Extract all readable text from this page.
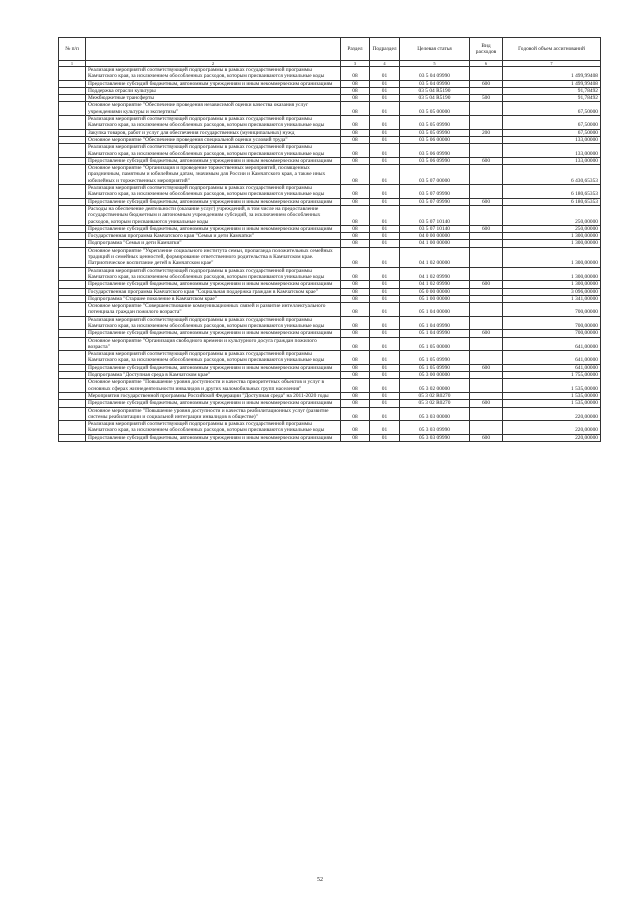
№ п/п		Раздел	Подраздел	Целевая статья	Вид расходов	Годовой объем ассигнований
1	2	3	4	5	6	7
	Реализация мероприятий соответствующей подпрограммы в рамках государственной программы Камчатского края, за исключением обособленных расходов, которым присваиваются уникальные коды	08	01	03 5 04 09990		1 499,99408
	Предоставление субсидий бюджетным, автономным учреждениям и иным некоммерческим организациям	08	01	03 5 04 09990	600	1 499,99408
	Поддержка отрасли культуры	08	01	03 5 04 R5190		91,78492
	Межбюджетные трансферты	08	01	03 5 04 R5190	500	91,78492
	Основное мероприятие "Обеспечение проведения независимой оценки качества оказания услуг учреждениями культуры и экспертизы"	08	01	03 5 05 00000		67,50000
	Реализация мероприятий соответствующей подпрограммы в рамках государственной программы Камчатского края, за исключением обособленных расходов, которым присваиваются уникальные коды	08	01	03 5 05 09990		67,50000
	Закупка товаров, работ и услуг для обеспечения государственных (муниципальных) нужд	08	01	03 5 05 09990	200	67,50000
	Основное мероприятие "Обеспечение проведения специальной оценки условий труда"	08	01	03 5 06 00000		133,00000
	Реализация мероприятий соответствующей подпрограммы в рамках государственной программы Камчатского края, за исключением обособленных расходов, которым присваиваются уникальные коды	08	01	03 5 06 09990		133,00000
	Предоставление субсидий бюджетным, автономным учреждениям и иным некоммерческим организациям	08	01	03 5 06 09990	600	133,00000
	Основное мероприятие "Организация и проведение торжественных мероприятий, посвященных праздничным, памятным и юбилейным датам, значимым для России и Камчатского края, а также иных юбилейных и торжественных мероприятий"	08	01	03 5 07 00000		6 430,65353
	Реализация мероприятий соответствующей подпрограммы в рамках государственной программы Камчатского края, за исключением обособленных расходов, которым присваиваются уникальные коды	08	01	03 5 07 09990		6 180,65353
	Предоставление субсидий бюджетным, автономным учреждениям и иным некоммерческим организациям	08	01	03 5 07 09990	600	6 180,65353
	Расходы на обеспечение деятельности (оказание услуг) учреждений, в том числе на предоставление государственным бюджетным и автономным учреждениям субсидий, за исключением обособленных расходов, которым присваиваются уникальные коды	08	01	03 5 07 10140		250,00000
	Предоставление субсидий бюджетным, автономным учреждениям и иным некоммерческим организациям	08	01	03 5 07 10140	600	250,00000
	Государственная программа Камчатского края "Семья и дети Камчатки"	08	01	04 0 00 00000		1 300,00000
	Подпрограмма "Семья и дети Камчатки"	08	01	04 1 00 00000		1 300,00000
	Основное мероприятие "Укрепление социального института семьи, пропаганда положительных семейных традиций и семейных ценностей, формирование ответственного родительства в Камчатском крае. Патриотическое воспитание детей в Камчатском крае"	08	01	04 1 02 00000		1 300,00000
	Реализация мероприятий соответствующей подпрограммы в рамках государственной программы Камчатского края, за исключением обособленных расходов, которым присваиваются уникальные коды	08	01	04 1 02 09990		1 300,00000
	Предоставление субсидий бюджетным, автономным учреждениям и иным некоммерческим организациям	08	01	04 1 02 09990	600	1 300,00000
	Государственная программа Камчатского края "Социальная поддержка граждан в Камчатском крае"	08	01	05 0 00 00000		3 096,00000
	Подпрограмма "Старшее поколение в Камчатском крае"	08	01	05 1 00 00000		1 341,00000
	Основное мероприятие "Совершенствование коммуникационных связей и развитие интеллектуального потенциала граждан пожилого возраста"	08	01	05 1 04 00000		700,00000
	Реализация мероприятий соответствующей подпрограммы в рамках государственной программы Камчатского края, за исключением обособленных расходов, которым присваиваются уникальные коды	08	01	05 1 04 09990		700,00000
	Предоставление субсидий бюджетным, автономным учреждениям и иным некоммерческим организациям	08	01	05 1 04 09990	600	700,00000
	Основное мероприятие "Организация свободного времени и культурного досуга граждан пожилого возраста"	08	01	05 1 05 00000		641,00000
	Реализация мероприятий соответствующей подпрограммы в рамках государственной программы Камчатского края, за исключением обособленных расходов, которым присваиваются уникальные коды	08	01	05 1 05 09990		641,00000
	Предоставление субсидий бюджетным, автономным учреждениям и иным некоммерческим организациям	08	01	05 1 05 09990	600	641,00000
	Подпрограмма "Доступная среда в Камчатском крае"	08	01	05 3 00 00000		1 755,00000
	Основное мероприятие "Повышение уровня доступности и качества приоритетных объектов и услуг в основных сферах жизнедеятельности инвалидов и других маломобильных групп населения"	08	01	05 3 02 00000		1 535,00000
	Мероприятия государственной программы Российской Федерации "Доступная среда" на 2011-2020 годы	08	01	05 3 02 R0270		1 535,00000
	Предоставление субсидий бюджетным, автономным учреждениям и иным некоммерческим организациям	08	01	05 3 02 R0270	600	1 535,00000
	Основное мероприятие "Повышение уровня доступности и качества реабилитационных услуг (развитие системы реабилитации и социальной интеграции инвалидов в обществе)"	08	01	05 3 03 00000		220,00000
	Реализация мероприятий соответствующей подпрограммы в рамках государственной программы Камчатского края, за исключением обособленных расходов, которым присваиваются уникальные коды	08	01	05 3 03 09990		220,00000
	Предоставление субсидий бюджетным, автономным учреждениям и иным некоммерческим организациям	08	01	05 3 03 09990	600	220,00000
52
